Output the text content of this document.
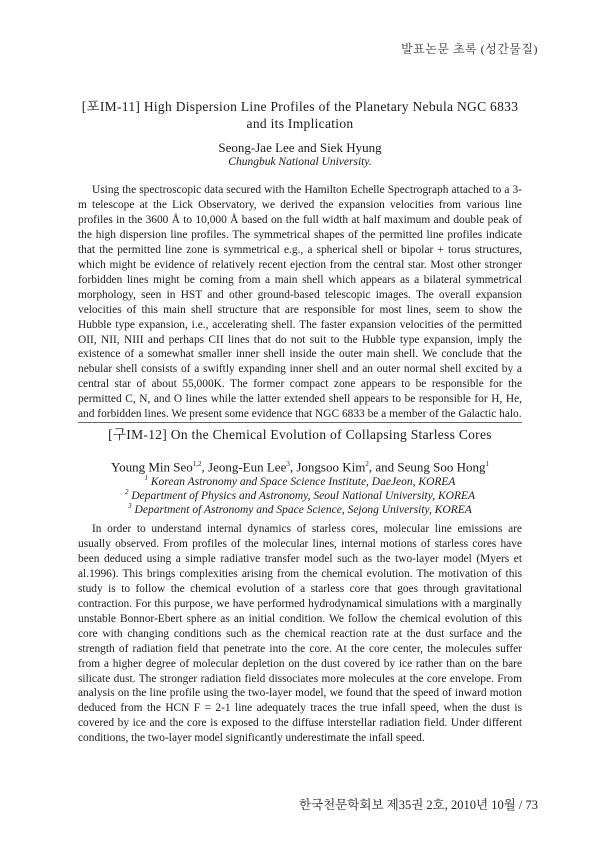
발표논문 초록 (성간물질)
[포IM-11] High Dispersion Line Profiles of the Planetary Nebula NGC 6833 and its Implication
Seong-Jae Lee and Siek Hyung
Chungbuk National University.

Using the spectroscopic data secured with the Hamilton Echelle Spectrograph attached to a 3-m telescope at the Lick Observatory, we derived the expansion velocities from various line profiles in the 3600 Å to 10,000 Å based on the full width at half maximum and double peak of the high dispersion line profiles. The symmetrical shapes of the permitted line profiles indicate that the permitted line zone is symmetrical e.g., a spherical shell or bipolar + torus structures, which might be evidence of relatively recent ejection from the central star. Most other stronger forbidden lines might be coming from a main shell which appears as a bilateral symmetrical morphology, seen in HST and other ground-based telescopic images. The overall expansion velocities of this main shell structure that are responsible for most lines, seem to show the Hubble type expansion, i.e., accelerating shell. The faster expansion velocities of the permitted OII, NII, NIII and perhaps CII lines that do not suit to the Hubble type expansion, imply the existence of a somewhat smaller inner shell inside the outer main shell. We conclude that the nebular shell consists of a swiftly expanding inner shell and an outer normal shell excited by a central star of about 55,000K. The former compact zone appears to be responsible for the permitted C, N, and O lines while the latter extended shell appears to be responsible for H, He, and forbidden lines. We present some evidence that NGC 6833 be a member of the Galactic halo.

[구IM-12] On the Chemical Evolution of Collapsing Starless Cores
Young Min Seo$^{1,2}$, Jeong-Eun Lee$^3$, Jongsoo Kim$^2$, and Seung Soo Hong$^1$
$^1$ Korean Astronomy and Space Science Institute, DaeJeon, KOREA
$^2$ Department of Physics and Astronomy, Seoul National University, KOREA
$^3$ Department of Astronomy and Space Science, Sejong University, KOREA

In order to understand internal dynamics of starless cores, molecular line emissions are usually observed. From profiles of the molecular lines, internal motions of starless cores have been deduced using a simple radiative transfer model such as the two-layer model (Myers et al.1996). This brings complexities arising from the chemical evolution. The motivation of this study is to follow the chemical evolution of a starless core that goes through gravitational contraction. For this purpose, we have performed hydrodynamical simulations with a marginally unstable Bonnor-Ebert sphere as an initial condition. We follow the chemical evolution of this core with changing conditions such as the chemical reaction rate at the dust surface and the strength of radiation field that penetrate into the core. At the core center, the molecules suffer from a higher degree of molecular depletion on the dust covered by ice rather than on the bare silicate dust. The stronger radiation field dissociates more molecules at the core envelope. From analysis on the line profile using the two-layer model, we found that the speed of inward motion deduced from the HCN F = 2-1 line adequately traces the true infall speed, when the dust is covered by ice and the core is exposed to the diffuse interstellar radiation field. Under different conditions, the two-layer model significantly underestimate the infall speed.

한국천문학회보 제35권 2호, 2010년 10월 / 73
